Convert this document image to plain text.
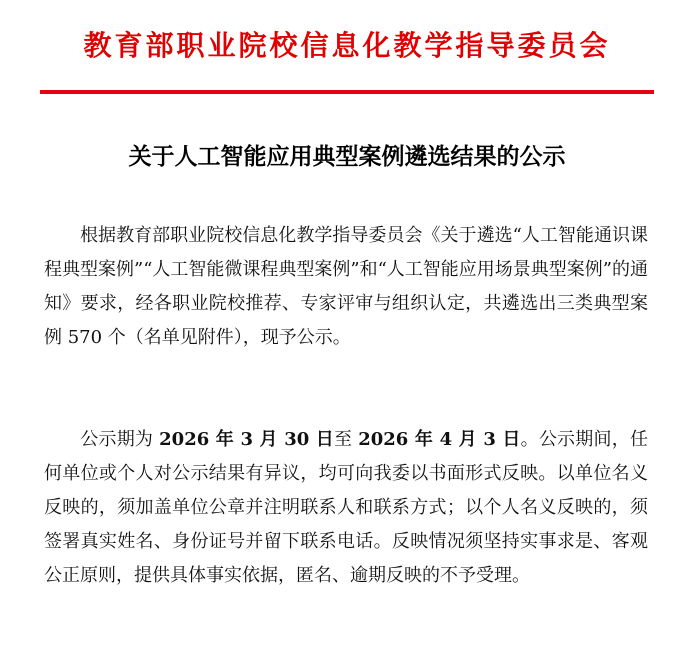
教育部职业院校信息化教学指导委员会
关于人工智能应用典型案例遴选结果的公示
根据教育部职业院校信息化教学指导委员会《关于遴选“人工智能通识课程典型案例”“人工智能微课程典型案例”和“人工智能应用场景典型案例”的通知》要求，经各职业院校推荐、专家评审与组织认定，共遴选出三类典型案例 570 个（名单见附件），现予公示。
公示期为 2026 年 3 月 30 日至 2026 年 4 月 3 日。公示期间，任何单位或个人对公示结果有异议，均可向我委以书面形式反映。以单位名义反映的，须加盖单位公章并注明联系人和联系方式；以个人名义反映的，须签署真实姓名、身份证号并留下联系电话。反映情况须坚持实事求是、客观公正原则，提供具体事实依据，匿名、逾期反映的不予受理。
